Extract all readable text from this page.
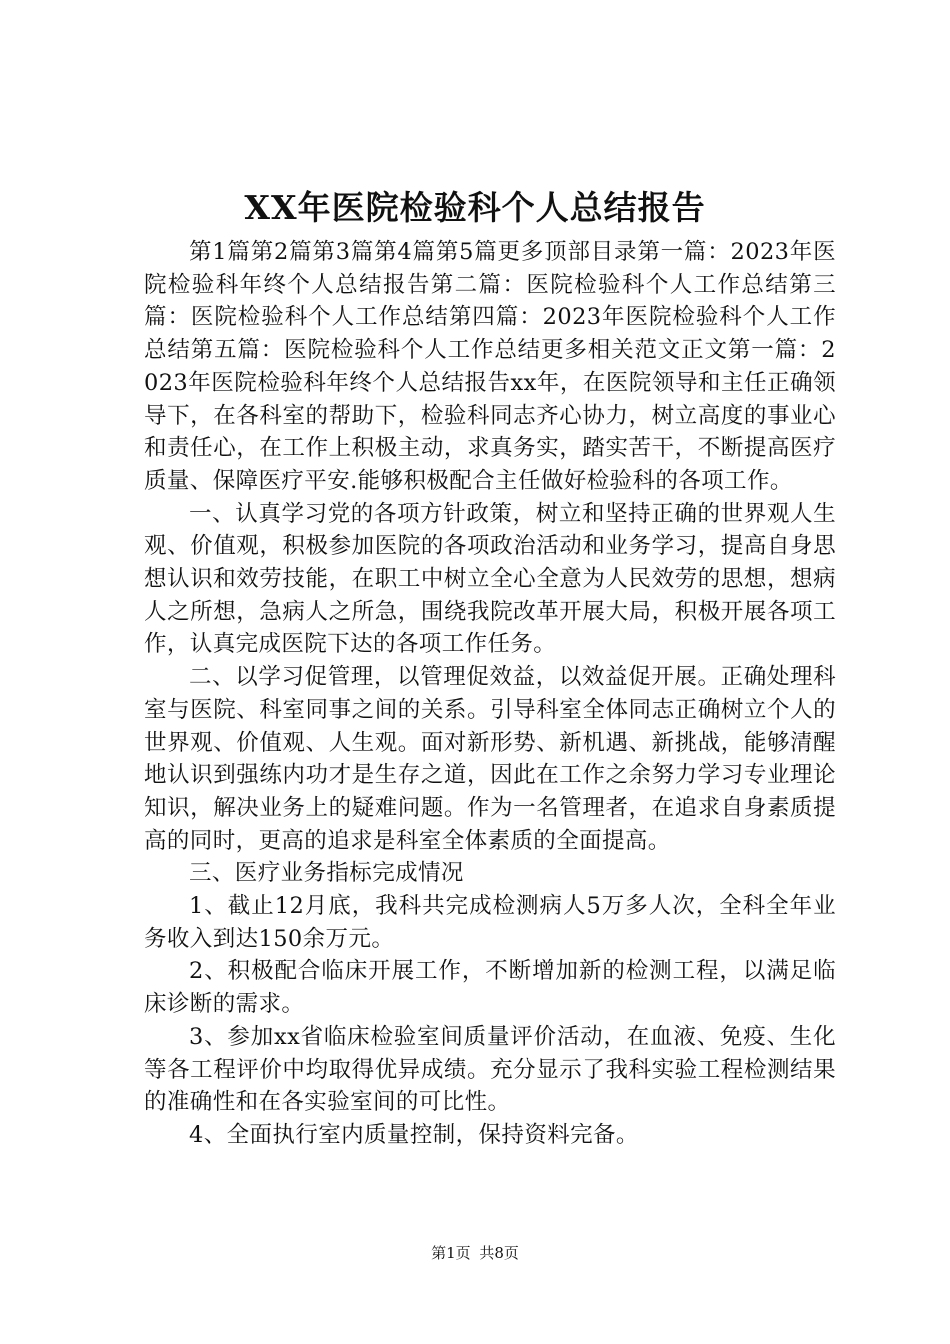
XX年医院检验科个人总结报告

第1篇第2篇第3篇第4篇第5篇更多顶部目录第一篇：2023年医院检验科年终个人总结报告第二篇：医院检验科个人工作总结第三篇：医院检验科个人工作总结第四篇：2023年医院检验科个人工作总结第五篇：医院检验科个人工作总结更多相关范文正文第一篇：2023年医院检验科年终个人总结报告xx年，在医院领导和主任正确领导下，在各科室的帮助下，检验科同志齐心协力，树立高度的事业心和责任心，在工作上积极主动，求真务实，踏实苦干，不断提高医疗质量、保障医疗平安.能够积极配合主任做好检验科的各项工作。

一、认真学习党的各项方针政策，树立和坚持正确的世界观人生观、价值观，积极参加医院的各项政治活动和业务学习，提高自身思想认识和效劳技能，在职工中树立全心全意为人民效劳的思想，想病人之所想，急病人之所急，围绕我院改革开展大局，积极开展各项工作，认真完成医院下达的各项工作任务。

二、以学习促管理，以管理促效益，以效益促开展。正确处理科室与医院、科室同事之间的关系。引导科室全体同志正确树立个人的世界观、价值观、人生观。面对新形势、新机遇、新挑战，能够清醒地认识到强练内功才是生存之道，因此在工作之余努力学习专业理论知识，解决业务上的疑难问题。作为一名管理者，在追求自身素质提高的同时，更高的追求是科室全体素质的全面提高。

三、医疗业务指标完成情况

1、截止12月底，我科共完成检测病人5万多人次，全科全年业务收入到达150余万元。

2、积极配合临床开展工作，不断增加新的检测工程，以满足临床诊断的需求。

3、参加xx省临床检验室间质量评价活动，在血液、免疫、生化等各工程评价中均取得优异成绩。充分显示了我科实验工程检测结果的准确性和在各实验室间的可比性。

4、全面执行室内质量控制，保持资料完备。

第1页 共8页
